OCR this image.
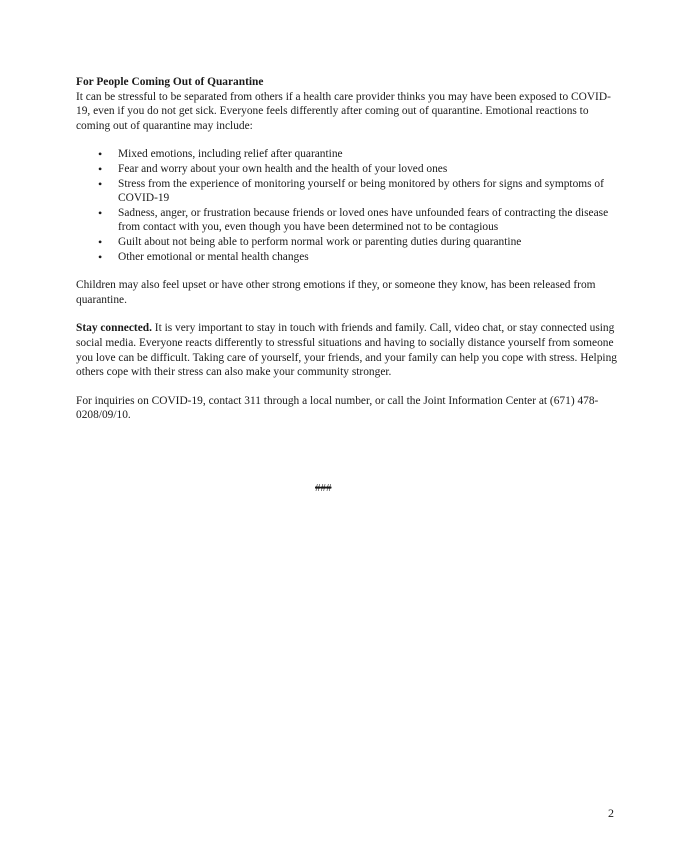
For People Coming Out of Quarantine

It can be stressful to be separated from others if a health care provider thinks you may have been exposed to COVID-19, even if you do not get sick. Everyone feels differently after coming out of quarantine. Emotional reactions to coming out of quarantine may include:

• Mixed emotions, including relief after quarantine
• Fear and worry about your own health and the health of your loved ones
• Stress from the experience of monitoring yourself or being monitored by others for signs and symptoms of COVID-19
• Sadness, anger, or frustration because friends or loved ones have unfounded fears of contracting the disease from contact with you, even though you have been determined not to be contagious
• Guilt about not being able to perform normal work or parenting duties during quarantine
• Other emotional or mental health changes

Children may also feel upset or have other strong emotions if they, or someone they know, has been released from quarantine.

Stay connected. It is very important to stay in touch with friends and family. Call, video chat, or stay connected using social media. Everyone reacts differently to stressful situations and having to socially distance yourself from someone you love can be difficult. Taking care of yourself, your friends, and your family can help you cope with stress. Helping others cope with their stress can also make your community stronger.

For inquiries on COVID-19, contact 311 through a local number, or call the Joint Information Center at (671) 478-0208/09/10.

###
2
